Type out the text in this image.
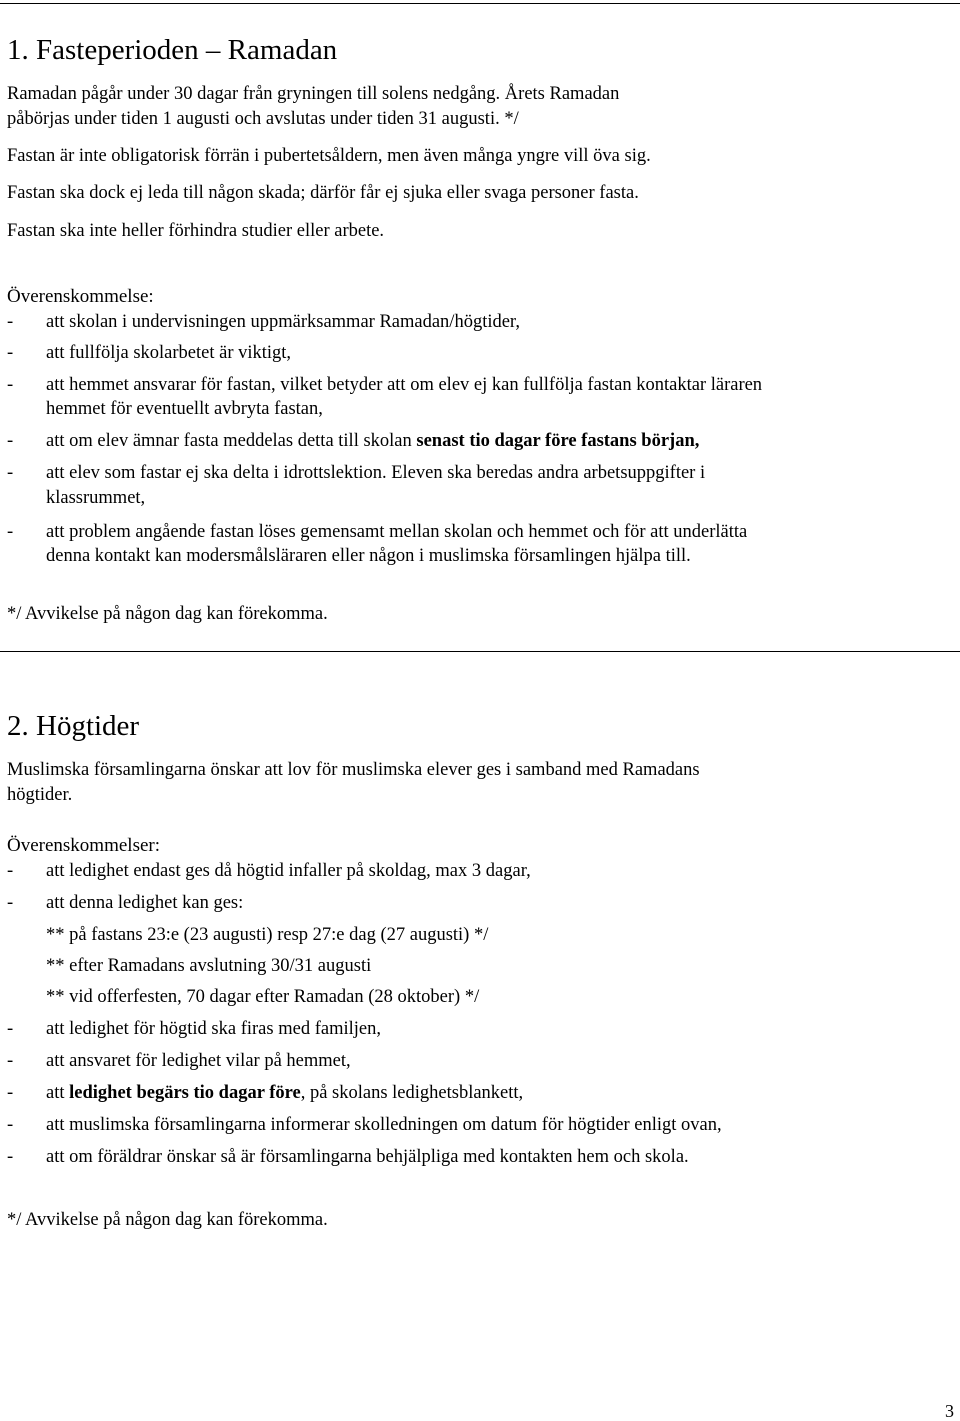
1. Fasteperioden – Ramadan
Ramadan pågår under 30 dagar från gryningen till solens nedgång. Årets Ramadan
påbörjas under tiden 1 augusti och avslutas under tiden 31 augusti. */
Fastan är inte obligatorisk förrän i pubertetsåldern, men även många yngre vill öva sig.
Fastan ska dock ej leda till någon skada; därför får ej sjuka eller svaga personer fasta.
Fastan ska inte heller förhindra studier eller arbete.
Överenskommelse:
- att skolan i undervisningen uppmärksammar Ramadan/högtider,
- att fullfölja skolarbetet är viktigt,
- att hemmet ansvarar för fastan, vilket betyder att om elev ej kan fullfölja fastan kontaktar läraren
hemmet för eventuellt avbryta fastan,
- att om elev ämnar fasta meddelas detta till skolan senast tio dagar före fastans början,
- att elev som fastar ej ska delta i idrottslektion. Eleven ska beredas andra arbetsuppgifter i
klassrummet,
- att problem angående fastan löses gemensamt mellan skolan och hemmet och för att underlätta
denna kontakt kan modersmålsläraren eller någon i muslimska församlingen hjälpa till.
*/ Avvikelse på någon dag kan förekomma.
2. Högtider
Muslimska församlingarna önskar att lov för muslimska elever ges i samband med Ramadans
högtider.
Överenskommelser:
- att ledighet endast ges då högtid infaller på skoldag, max 3 dagar,
- att denna ledighet kan ges:
** på fastans 23:e (23 augusti) resp 27:e dag (27 augusti) */
** efter Ramadans avslutning 30/31 augusti
** vid offerfesten, 70 dagar efter Ramadan (28 oktober) */
- att ledighet för högtid ska firas med familjen,
- att ansvaret för ledighet vilar på hemmet,
- att ledighet begärs tio dagar före, på skolans ledighetsblankett,
- att muslimska församlingarna informerar skolledningen om datum för högtider enligt ovan,
- att om föräldrar önskar så är församlingarna behjälpliga med kontakten hem och skola.
*/ Avvikelse på någon dag kan förekomma.
3
